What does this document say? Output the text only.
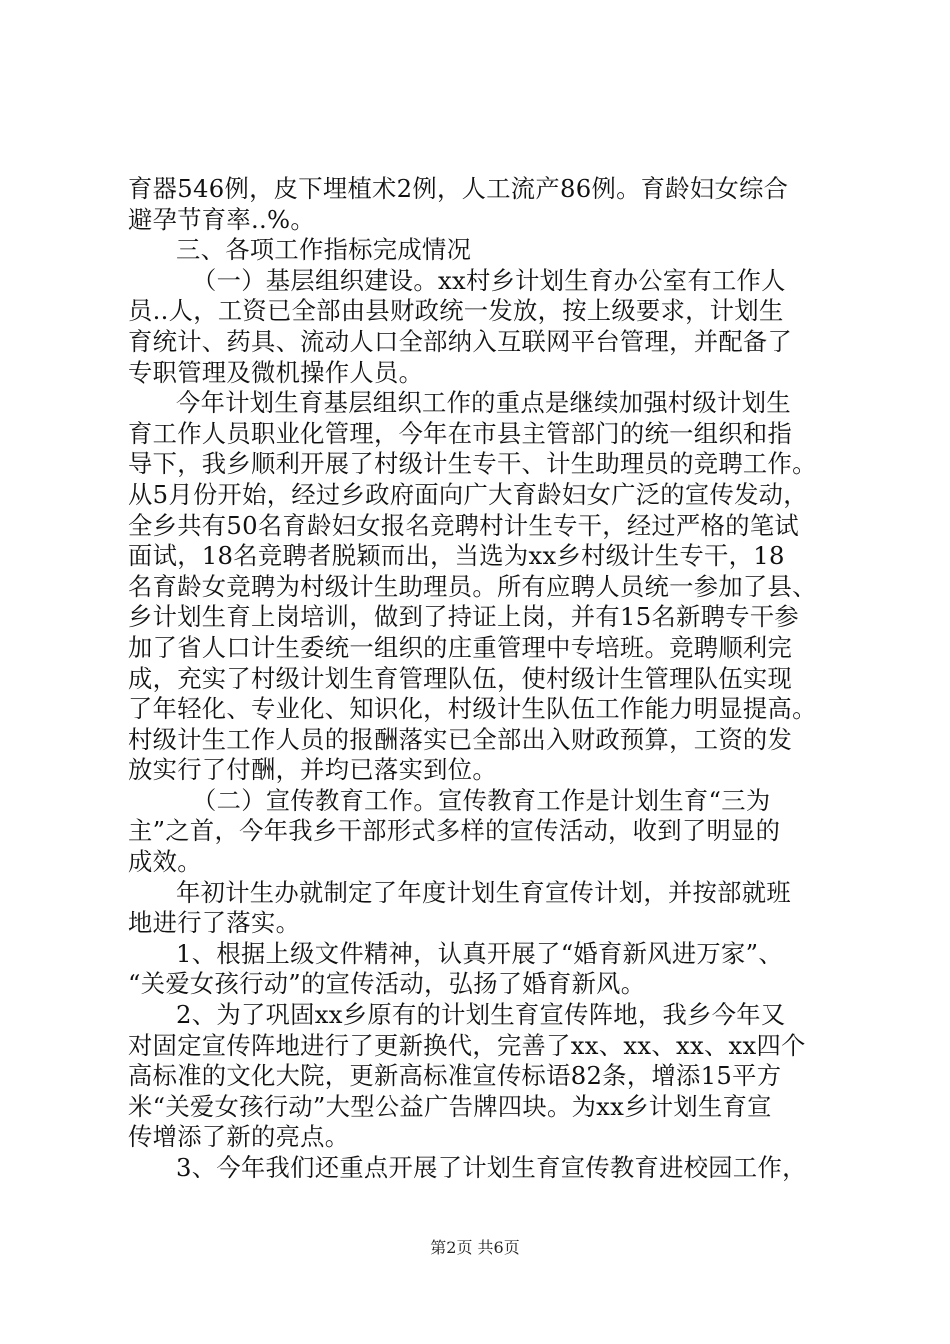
育器546例，皮下埋植术2例，人工流产86例。育龄妇女综合
避孕节育率..%。
三、各项工作指标完成情况
（一）基层组织建设。xx村乡计划生育办公室有工作人
员..人，工资已全部由县财政统一发放，按上级要求，计划生
育统计、药具、流动人口全部纳入互联网平台管理，并配备了
专职管理及微机操作人员。
今年计划生育基层组织工作的重点是继续加强村级计划生
育工作人员职业化管理，今年在市县主管部门的统一组织和指
导下，我乡顺利开展了村级计生专干、计生助理员的竞聘工作。
从5月份开始，经过乡政府面向广大育龄妇女广泛的宣传发动，
全乡共有50名育龄妇女报名竞聘村计生专干，经过严格的笔试
面试，18名竞聘者脱颖而出，当选为xx乡村级计生专干，18
名育龄女竞聘为村级计生助理员。所有应聘人员统一参加了县、
乡计划生育上岗培训，做到了持证上岗，并有15名新聘专干参
加了省人口计生委统一组织的庄重管理中专培班。竞聘顺利完
成，充实了村级计划生育管理队伍，使村级计生管理队伍实现
了年轻化、专业化、知识化，村级计生队伍工作能力明显提高。
村级计生工作人员的报酬落实已全部出入财政预算，工资的发
放实行了付酬，并均已落实到位。
（二）宣传教育工作。宣传教育工作是计划生育“三为
主”之首，今年我乡干部形式多样的宣传活动，收到了明显的
成效。
年初计生办就制定了年度计划生育宣传计划，并按部就班
地进行了落实。
1、根据上级文件精神，认真开展了“婚育新风进万家”、
“关爱女孩行动”的宣传活动，弘扬了婚育新风。
2、为了巩固xx乡原有的计划生育宣传阵地，我乡今年又
对固定宣传阵地进行了更新换代，完善了xx、xx、xx、xx四个
高标准的文化大院，更新高标准宣传标语82条，增添15平方
米“关爱女孩行动”大型公益广告牌四块。为xx乡计划生育宣
传增添了新的亮点。
3、今年我们还重点开展了计划生育宣传教育进校园工作，
第2页 共6页
